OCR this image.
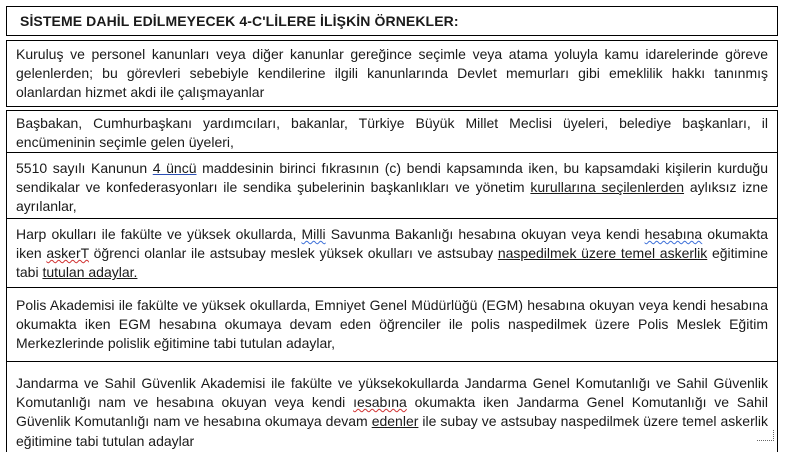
SİSTEME DAHİL EDİLMEYECEK 4-C'LİLERE İLİŞKİN ÖRNEKLER:

Kuruluş ve personel kanunları veya diğer kanunlar gereğince seçimle veya atama yoluyla kamu idarelerinde göreve gelenlerden; bu görevleri sebebiyle kendilerine ilgili kanunlarında Devlet memurları gibi emeklilik hakkı tanınmış olanlardan hizmet akdi ile çalışmayanlar

Başbakan, Cumhurbaşkanı yardımcıları, bakanlar, Türkiye Büyük Millet Meclisi üyeleri, belediye başkanları, il encümeninin seçimle gelen üyeleri,

5510 sayılı Kanunun 4 üncü maddesinin birinci fıkrasının (c) bendi kapsamında iken, bu kapsamdaki kişilerin kurduğu sendikalar ve konfederasyonları ile sendika şubelerinin başkanlıkları ve yönetim kurullarına seçilenlerden aylıksız izne ayrılanlar,

Harp okulları ile fakülte ve yüksek okullarda, Milli Savunma Bakanlığı hesabına okuyan veya kendi hesabına okumakta iken askerT öğrenci olanlar ile astsubay meslek yüksek okulları ve astsubay naspedilmek üzere temel askerlik eğitimine tabi tutulan adaylar.

Polis Akademisi ile fakülte ve yüksek okullarda, Emniyet Genel Müdürlüğü (EGM) hesabına okuyan veya kendi hesabına okumakta iken EGM hesabına okumaya devam eden öğrenciler ile polis naspedilmek üzere Polis Meslek Eğitim Merkezlerinde polislik eğitimine tabi tutulan adaylar,

Jandarma ve Sahil Güvenlik Akademisi ile fakülte ve yüksekokullarda Jandarma Genel Komutanlığı ve Sahil Güvenlik Komutanlığı nam ve hesabına okuyan veya kendi ıesabına okumakta iken Jandarma Genel Komutanlığı ve Sahil Güvenlik Komutanlığı nam ve hesabına okumaya devam edenler ile subay ve astsubay naspedilmek üzere temel askerlik eğitimine tabi tutulan adaylar
